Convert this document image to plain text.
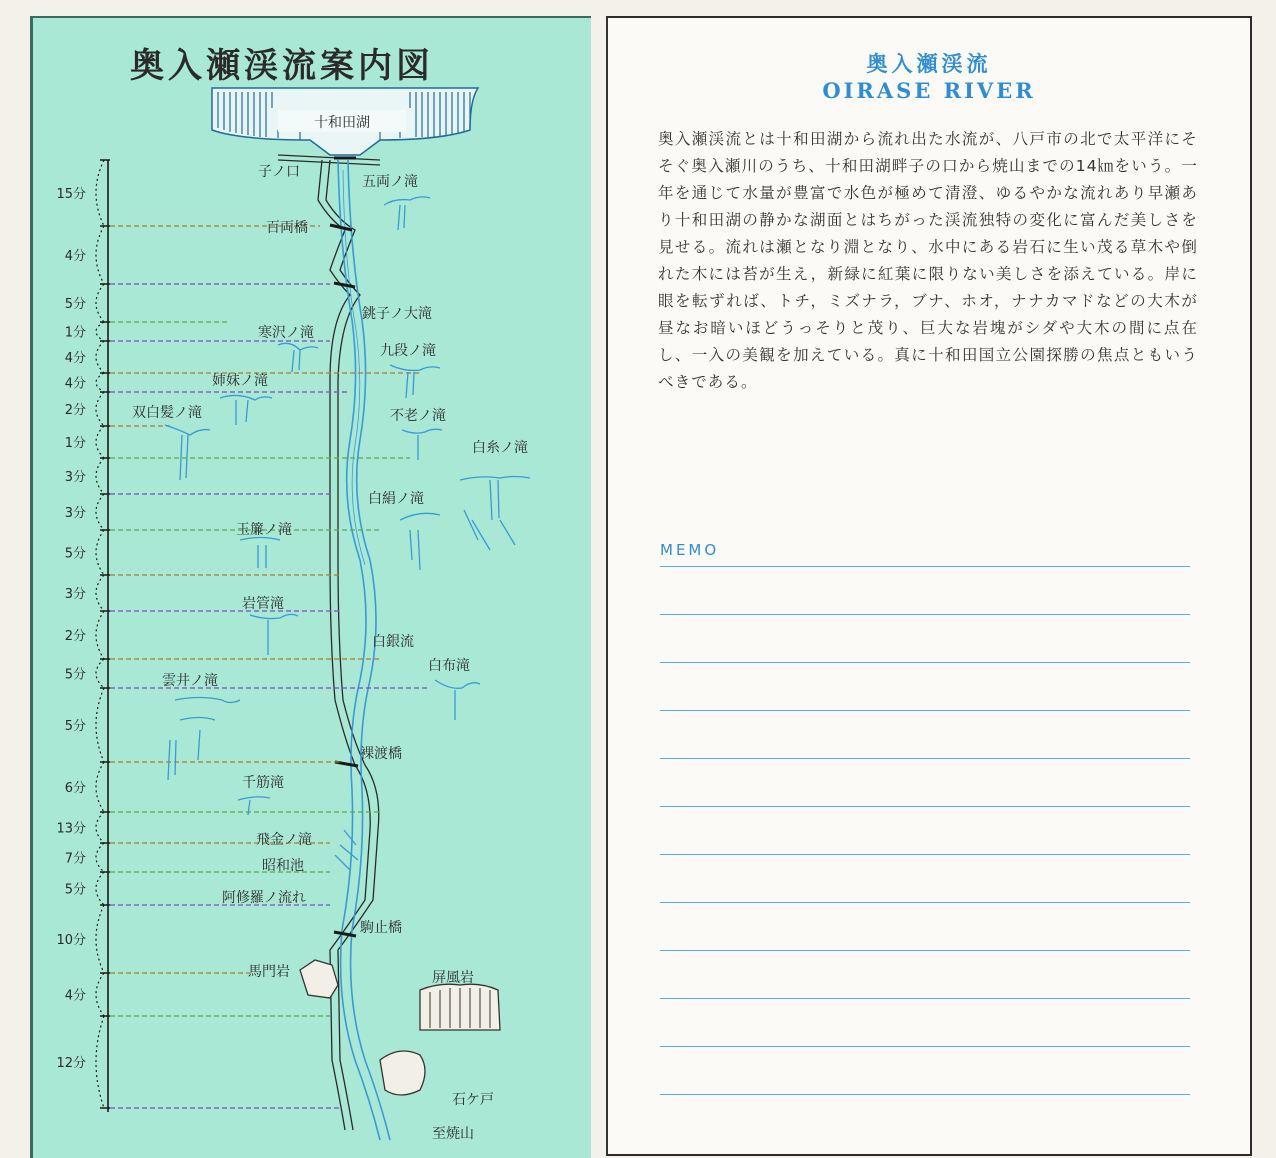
奥入瀬渓流案内図
十和田湖
15分
4分
5分
1分
4分
4分
2分
1分
3分
3分
5分
3分
2分
5分
5分
6分
13分
7分
5分
10分
4分
12分
子ノ口
五両ノ滝
百両橋
銚子ノ大滝
寒沢ノ滝
九段ノ滝
姉妹ノ滝
双白髪ノ滝	不老ノ滝
白糸ノ滝
白絹ノ滝
玉簾ノ滝
岩管滝
白銀流
白布滝
雲井ノ滝
裸渡橋
千筋滝
飛金ノ滝
昭和池
阿修羅ノ流れ
駒止橋
馬門岩	屏風岩
石ケ戸
至焼山
奥入瀬渓流
OIRASE RIVER
奥入瀬渓流とは十和田湖から流れ出た水流が、八戸市の北で太平洋にそそぐ奥入瀬川のうち、十和田湖畔子の口から焼山までの14㎞をいう。一年を通じて水量が豊富で水色が極めて清澄、ゆるやかな流れあり早瀬あり十和田湖の静かな湖面とはちがった渓流独特の変化に富んだ美しさを見せる。流れは瀬となり淵となり、水中にある岩石に生い茂る草木や倒れた木には苔が生え，新緑に紅葉に限りない美しさを添えている。岸に眼を転ずれば、トチ，ミズナラ，ブナ、ホオ，ナナカマドなどの大木が昼なお暗いほどうっそりと茂り、巨大な岩塊がシダや大木の間に点在し、一入の美観を加えている。真に十和田国立公園探勝の焦点ともいうべきである。
MEMO
